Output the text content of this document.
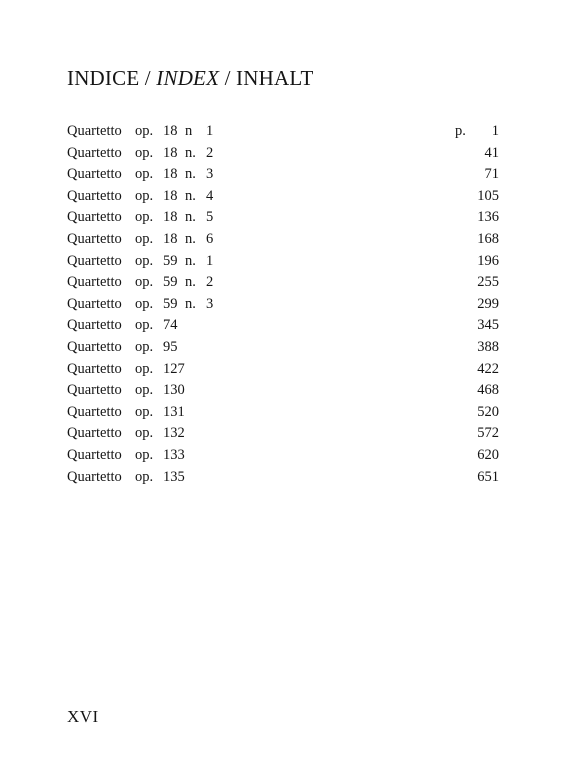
INDICE / INDEX / INHALT
Quartetto op. 18 n 1	p. 1
Quartetto op. 18 n. 2	41
Quartetto op. 18 n. 3	71
Quartetto op. 18 n. 4	105
Quartetto op. 18 n. 5	136
Quartetto op. 18 n. 6	168
Quartetto op. 59 n. 1	196
Quartetto op. 59 n. 2	255
Quartetto op. 59 n. 3	299
Quartetto op. 74	345
Quartetto op. 95	388
Quartetto op. 127	422
Quartetto op. 130	468
Quartetto op. 131	520
Quartetto op. 132	572
Quartetto op. 133	620
Quartetto op. 135	651
XVI
